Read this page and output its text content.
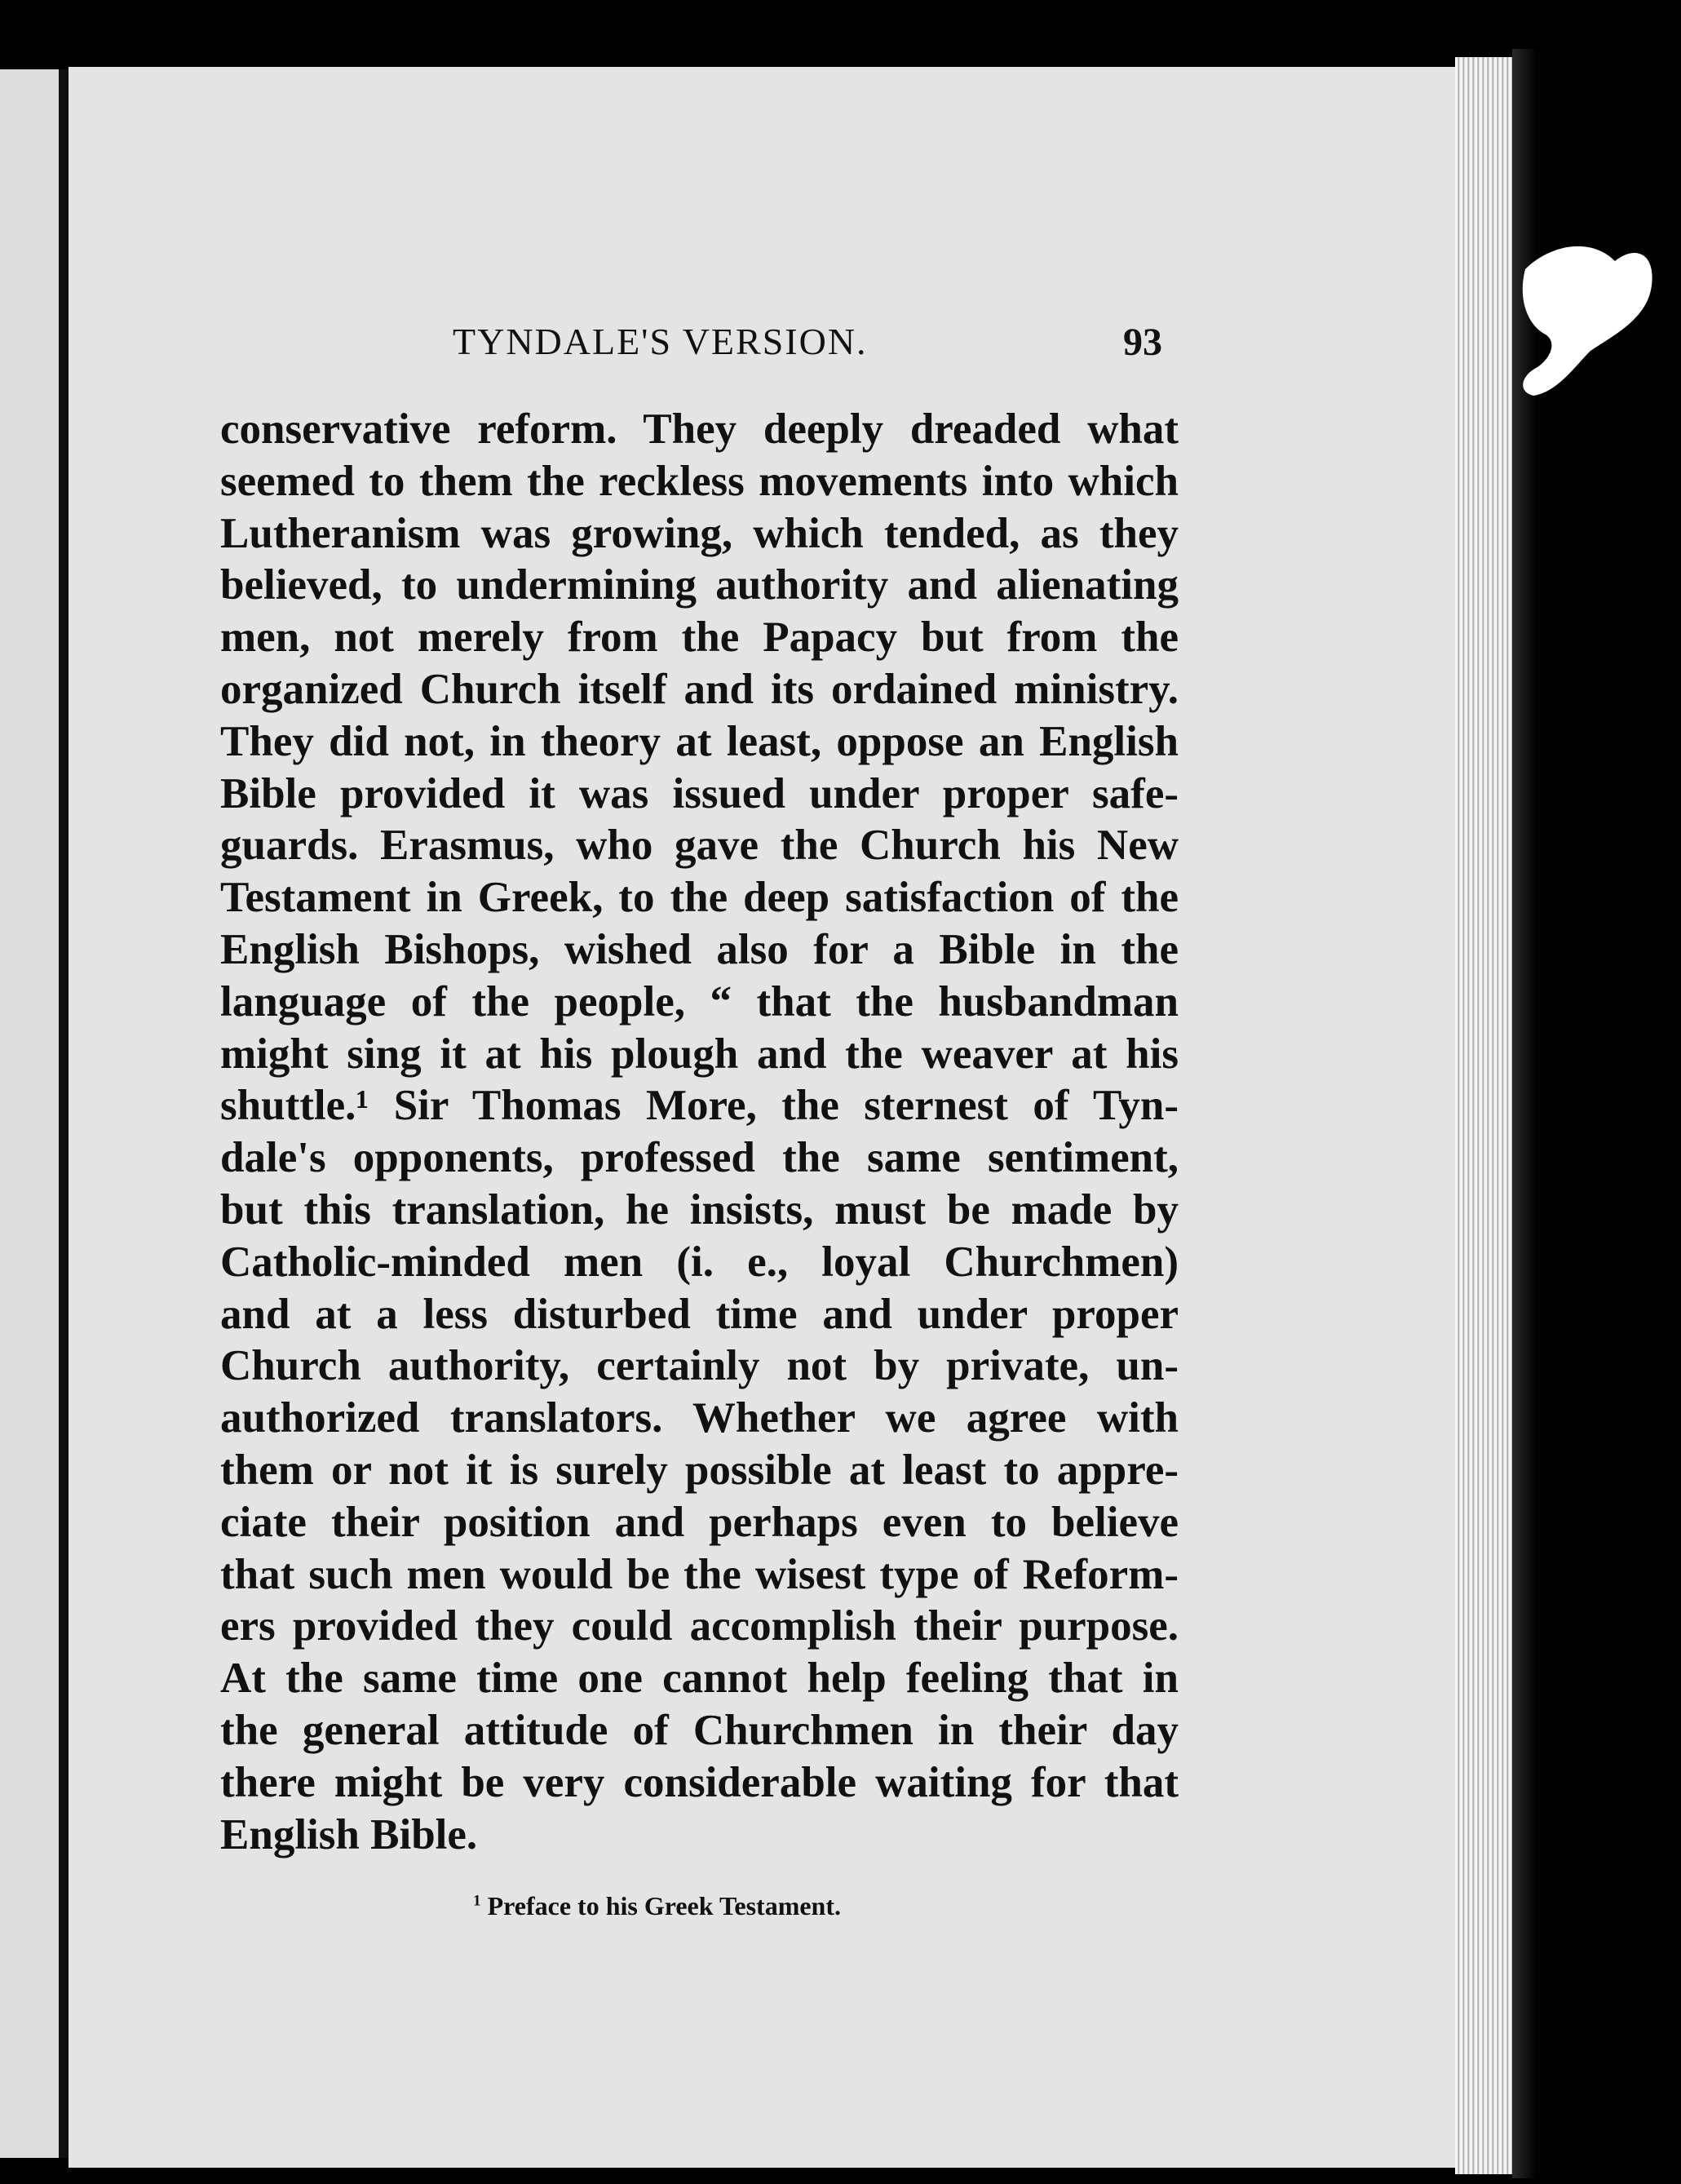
TYNDALE'S VERSION.	93
conservative reform. They deeply dreaded what
seemed to them the reckless movements into which
Lutheranism was growing, which tended, as they
believed, to undermining authority and alienating
men, not merely from the Papacy but from the
organized Church itself and its ordained ministry.
They did not, in theory at least, oppose an English
Bible provided it was issued under proper safe-
guards. Erasmus, who gave the Church his New
Testament in Greek, to the deep satisfaction of the
English Bishops, wished also for a Bible in the
language of the people, “ that the husbandman
might sing it at his plough and the weaver at his
shuttle.¹ Sir Thomas More, the sternest of Tyn-
dale's opponents, professed the same sentiment,
but this translation, he insists, must be made by
Catholic-minded men (i. e., loyal Churchmen)
and at a less disturbed time and under proper
Church authority, certainly not by private, un-
authorized translators. Whether we agree with
them or not it is surely possible at least to appre-
ciate their position and perhaps even to believe
that such men would be the wisest type of Reform-
ers provided they could accomplish their purpose.
At the same time one cannot help feeling that in
the general attitude of Churchmen in their day
there might be very considerable waiting for that
English Bible.
$^1$ Preface to his Greek Testament.
